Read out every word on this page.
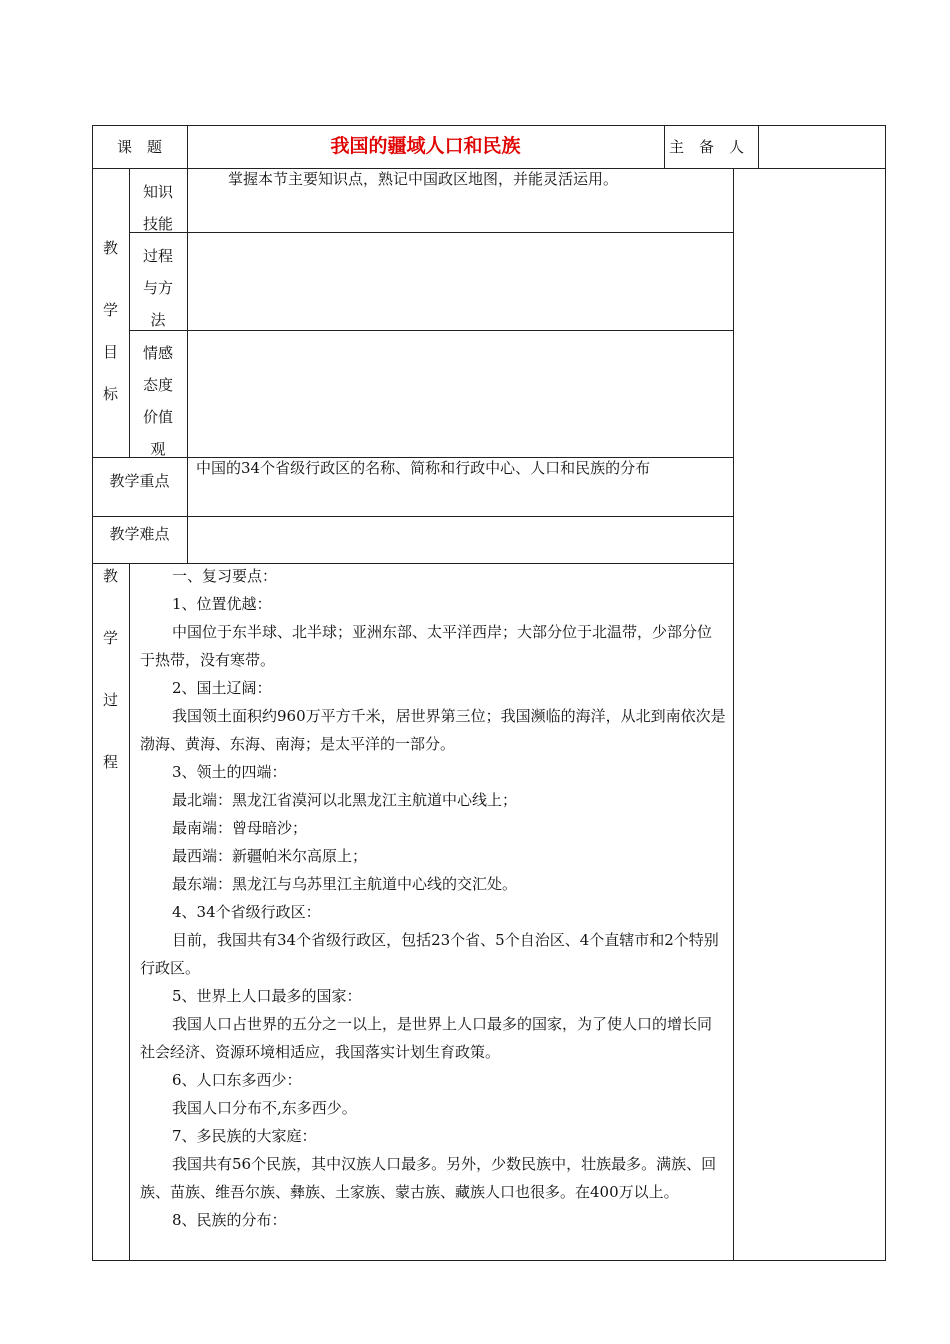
课　题	我国的疆域人口和民族	主　备　人
教
学
目
标
知识
技能
掌握本节主要知识点，熟记中国政区地图，并能灵活运用。
过程
与方
法
情感
态度
价值
观
教学重点
中国的34个省级行政区的名称、简称和行政中心、人口和民族的分布
教学难点
教
学
过
程

一、复习要点：

1、位置优越：

中国位于东半球、北半球；亚洲东部、太平洋西岸；大部分位于北温带，少部分位于热带，没有寒带。

2、国土辽阔：

我国领土面积约960万平方千米，居世界第三位；我国濒临的海洋，从北到南依次是渤海、黄海、东海、南海；是太平洋的一部分。

3、领土的四端：

最北端：黑龙江省漠河以北黑龙江主航道中心线上；

最南端：曾母暗沙；

最西端：新疆帕米尔高原上；

最东端：黑龙江与乌苏里江主航道中心线的交汇处。

4、34个省级行政区：

目前，我国共有34个省级行政区，包括23个省、5个自治区、4个直辖市和2个特别行政区。

5、世界上人口最多的国家：

我国人口占世界的五分之一以上，是世界上人口最多的国家，为了使人口的增长同社会经济、资源环境相适应，我国落实计划生育政策。

6、人口东多西少：

我国人口分布不,东多西少。

7、多民族的大家庭：

我国共有56个民族，其中汉族人口最多。另外，少数民族中，壮族最多。满族、回族、苗族、维吾尔族、彝族、土家族、蒙古族、藏族人口也很多。在400万以上。

8、民族的分布：
